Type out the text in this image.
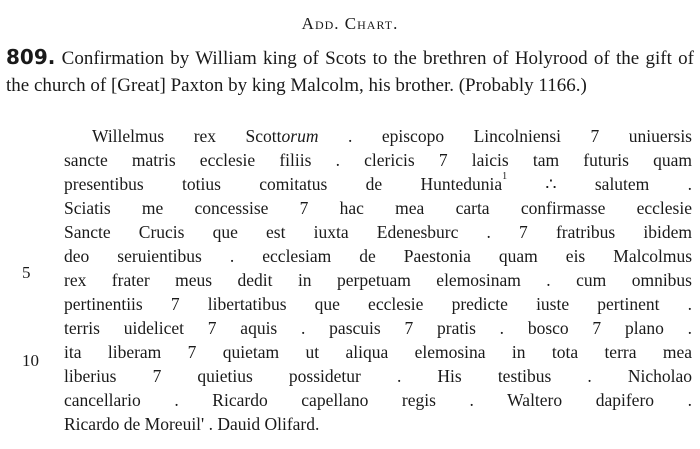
Add. Chart.
809. Confirmation by William king of Scots to the brethren of Holyrood of the gift of the church of [Great] Paxton by king Malcolm, his brother. (Probably 1166.)
5
10
Willelmus rex Scottorum . episcopo Lincolniensi 7 uniuersis
sancte matris ecclesie filiis . clericis 7 laicis tam futuris quam
presentibus totius comitatus de Huntedunia$^1$ ∴ salutem .
Sciatis me concessise 7 hac mea carta confirmasse ecclesie
Sancte Crucis que est iuxta Edenesburc . 7 fratribus ibidem
deo seruientibus . ecclesiam de Paestonia quam eis Malcolmus
rex frater meus dedit in perpetuam elemosinam . cum omnibus
pertinentiis 7 libertatibus que ecclesie predicte iuste pertinent .
terris uidelicet 7 aquis . pascuis 7 pratis . bosco 7 plano .
ita liberam 7 quietam ut aliqua elemosina in tota terra mea
liberius 7 quietius possidetur . His testibus . Nicholao
cancellario . Ricardo capellano regis . Waltero dapifero .
Ricardo de Moreuil' . Dauid Olifard.
